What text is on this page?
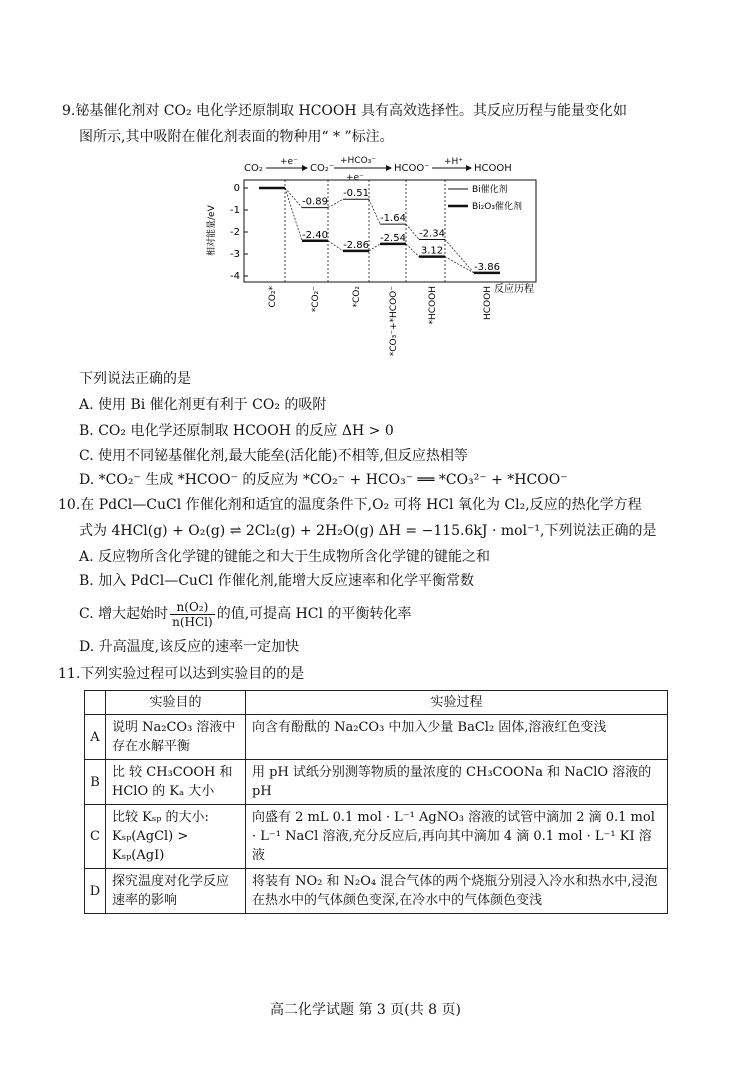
9.铋基催化剂对 CO₂ 电化学还原制取 HCOOH 具有高效选择性。其反应历程与能量变化如
图所示,其中吸附在催化剂表面的物种用“ * ”标注。
CO₂
+e⁻
CO₂⁻
+HCO₃⁻
+e⁻
HCOO⁻
+H⁺
HCOOH
0
-1
-2
-3
-4
相对能量/eV
-0.89
-0.51
-1.64
-2.34
-3.86
-2.40
-2.86
-2.54
3.12
CO₂*	*CO₂⁻	*CO₂	*CO₃⁻+*HCOO⁻	*HCOOH	HCOOH 反应历程
Bi催化剂
Bi₂O₃催化剂
下列说法正确的是
A. 使用 Bi 催化剂更有利于 CO₂ 的吸附
B. CO₂ 电化学还原制取 HCOOH 的反应 ΔH > 0
C. 使用不同铋基催化剂,最大能垒(活化能)不相等,但反应热相等
D. *CO₂⁻ 生成 *HCOO⁻ 的反应为 *CO₂⁻ + HCO₃⁻ ══ *CO₃²⁻ + *HCOO⁻
10.在 PdCl—CuCl 作催化剂和适宜的温度条件下,O₂ 可将 HCl 氧化为 Cl₂,反应的热化学方程
式为 4HCl(g) + O₂(g) ⇌ 2Cl₂(g) + 2H₂O(g) ΔH = −115.6kJ · mol⁻¹,下列说法正确的是
A. 反应物所含化学键的键能之和大于生成物所含化学键的键能之和
B. 加入 PdCl—CuCl 作催化剂,能增大反应速率和化学平衡常数
C. 增大起始时 $\frac{\text{n(O₂)}}{\text{n(HCl)}}$ 的值,可提高 HCl 的平衡转化率
D. 升高温度,该反应的速率一定加快
11.下列实验过程可以达到实验目的的是
	实验目的	实验过程
A	说明 Na₂CO₃ 溶液中存在水解平衡	向含有酚酞的 Na₂CO₃ 中加入少量 BaCl₂ 固体,溶液红色变浅
B	比 较 CH₃COOH 和 HClO 的 Kₐ 大小	用 pH 试纸分别测等物质的量浓度的 CH₃COONa 和 NaClO 溶液的 pH
C	比较 Kₛₚ 的大小: Kₛₚ(AgCl) > Kₛₚ(AgI)	向盛有 2 mL 0.1 mol · L⁻¹ AgNO₃ 溶液的试管中滴加 2 滴 0.1 mol · L⁻¹ NaCl 溶液,充分反应后,再向其中滴加 4 滴 0.1 mol · L⁻¹ KI 溶液
D	探究温度对化学反应速率的影响	将装有 NO₂ 和 N₂O₄ 混合气体的两个烧瓶分别浸入冷水和热水中,浸泡在热水中的气体颜色变深,在冷水中的气体颜色变浅
高二化学试题 第 3 页(共 8 页)
